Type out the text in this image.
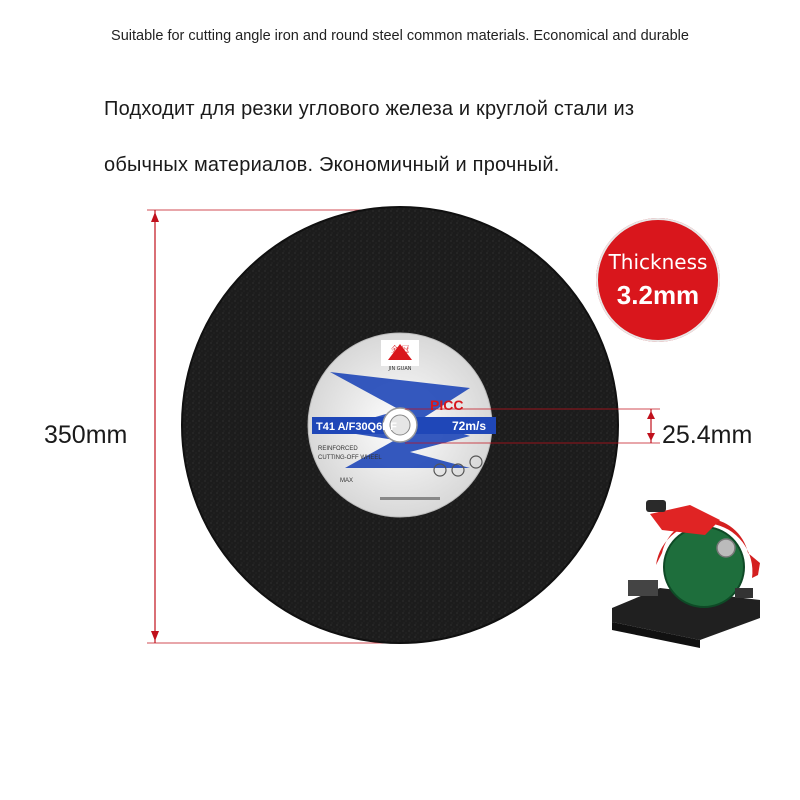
Suitable for cutting angle iron and round steel common materials. Economical and durable
Подходит для резки углового железа и круглой стали из
обычных материалов. Экономичный и прочный.
金 冠
JIN GUAN
PICC
T41 A/F30Q6BF	72m/s
REINFORCED
CUTTING-OFF WHEEL
MAX
350mm	25.4mm
Thickness
3.2mm
